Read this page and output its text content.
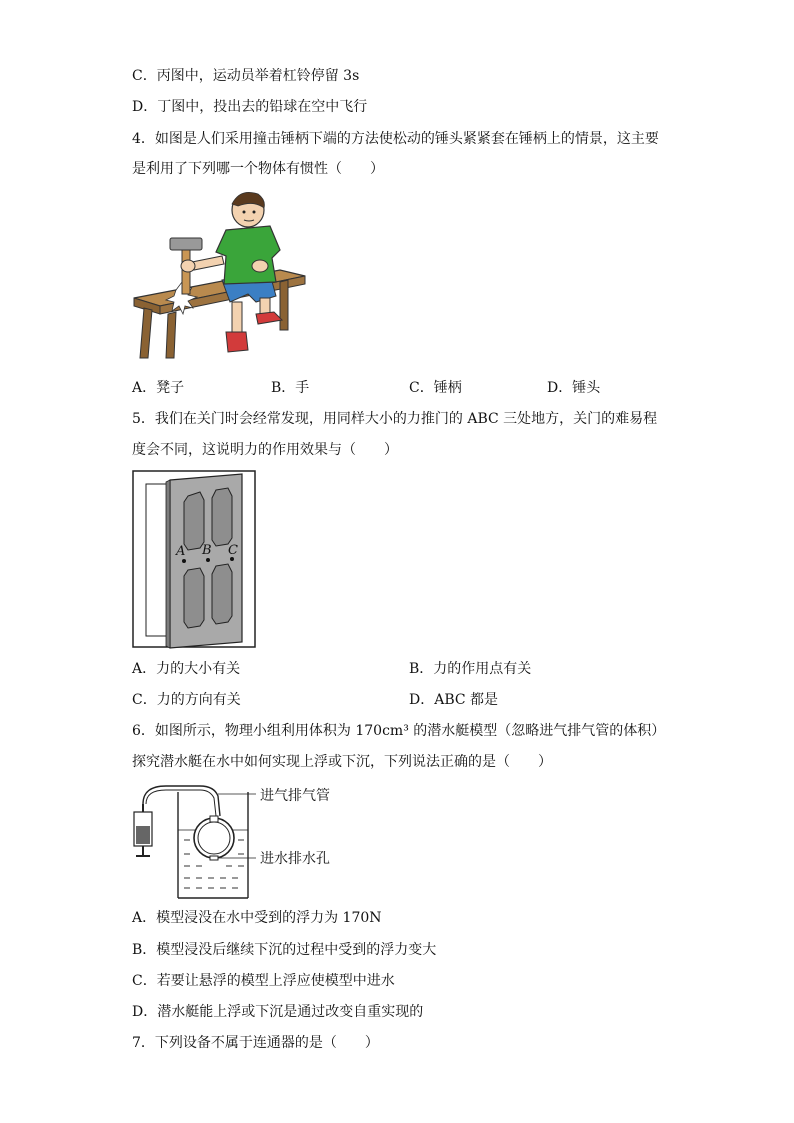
C．丙图中，运动员举着杠铃停留 3s
D．丁图中，投出去的铅球在空中飞行
4．如图是人们采用撞击锤柄下端的方法使松动的锤头紧紧套在锤柄上的情景，这主要
是利用了下列哪一个物体有惯性（　　）
A．凳子	B．手	C．锤柄	D．锤头
5．我们在关门时会经常发现，用同样大小的力推门的 ABC 三处地方，关门的难易程
度会不同，这说明力的作用效果与（　　）
A B C
A．力的大小有关	B．力的作用点有关
C．力的方向有关	D．ABC 都是
6．如图所示，物理小组利用体积为 170cm³ 的潜水艇模型（忽略进气排气管的体积）
探究潜水艇在水中如何实现上浮或下沉，下列说法正确的是（　　）
进气排气管
进水排水孔
A．模型浸没在水中受到的浮力为 170N
B．模型浸没后继续下沉的过程中受到的浮力变大
C．若要让悬浮的模型上浮应使模型中进水
D．潜水艇能上浮或下沉是通过改变自重实现的
7．下列设备不属于连通器的是（　　）
